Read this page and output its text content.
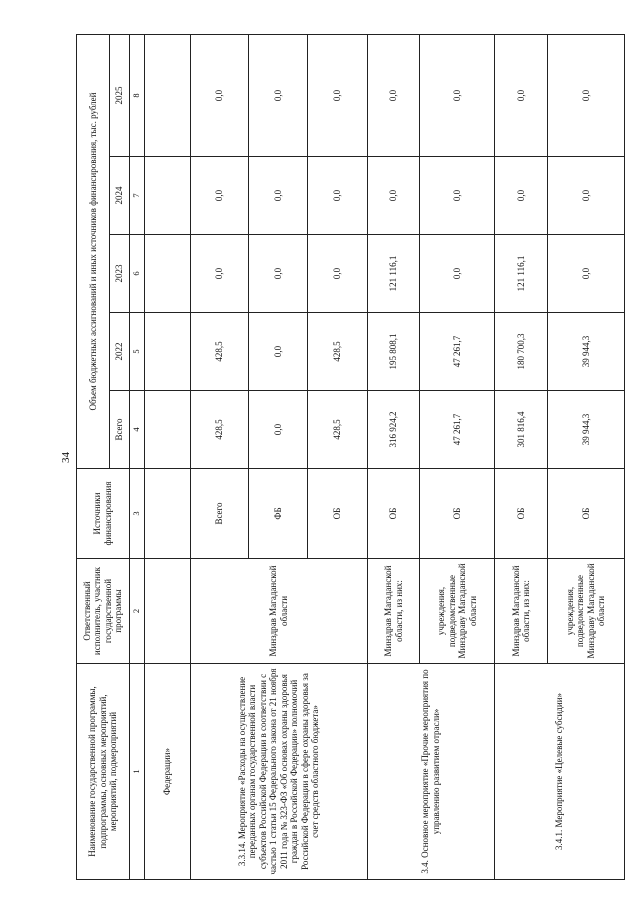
34
Наименование государственной программы, подпрограммы, основных мероприятий, мероприятий, подмероприятий	Ответственный исполнитель, участник государственной программы	Источники финансирования	Объем бюджетных ассигнований и иных источников финансирования, тыс. рублей				
			Всего	2022	2023	2024	2025
1	2	3	4	5	6	7	8
Федерации»							
3.3.14. Мероприятие «Расходы на осуществление переданных органам государственной власти субъектов Российской Федерации в соответствии с частью 1 статьи 15 Федерального закона от 21 ноября 2011 года № 323-ФЗ «Об основах охраны здоровья граждан в Российской Федерации» полномочий Российской Федерации в сфере охраны здоровья за счет средств областного бюджета»	Минздрав Магаданской области	Всего	428,5	428,5	0,0	0,0	0,0
		ФБ	0,0	0,0	0,0	0,0	0,0
		ОБ	428,5	428,5	0,0	0,0	0,0
3.4. Основное мероприятие «Прочие мероприятия по управлению развитием отрасли»	Минздрав Магаданской области, из них:	ОБ	316 924,2	195 808,1	121 116,1	0,0	0,0
	учреждения, подведомственные Минздраву Магаданской области	ОБ	47 261,7	47 261,7	0,0	0,0	0,0
3.4.1. Мероприятие «Целевые субсидии»	Минздрав Магаданской области, из них:	ОБ	301 816,4	180 700,3	121 116,1	0,0	0,0
	учреждения, подведомственные Минздраву Магаданской области	ОБ	39 944,3	39 944,3	0,0	0,0	0,0
